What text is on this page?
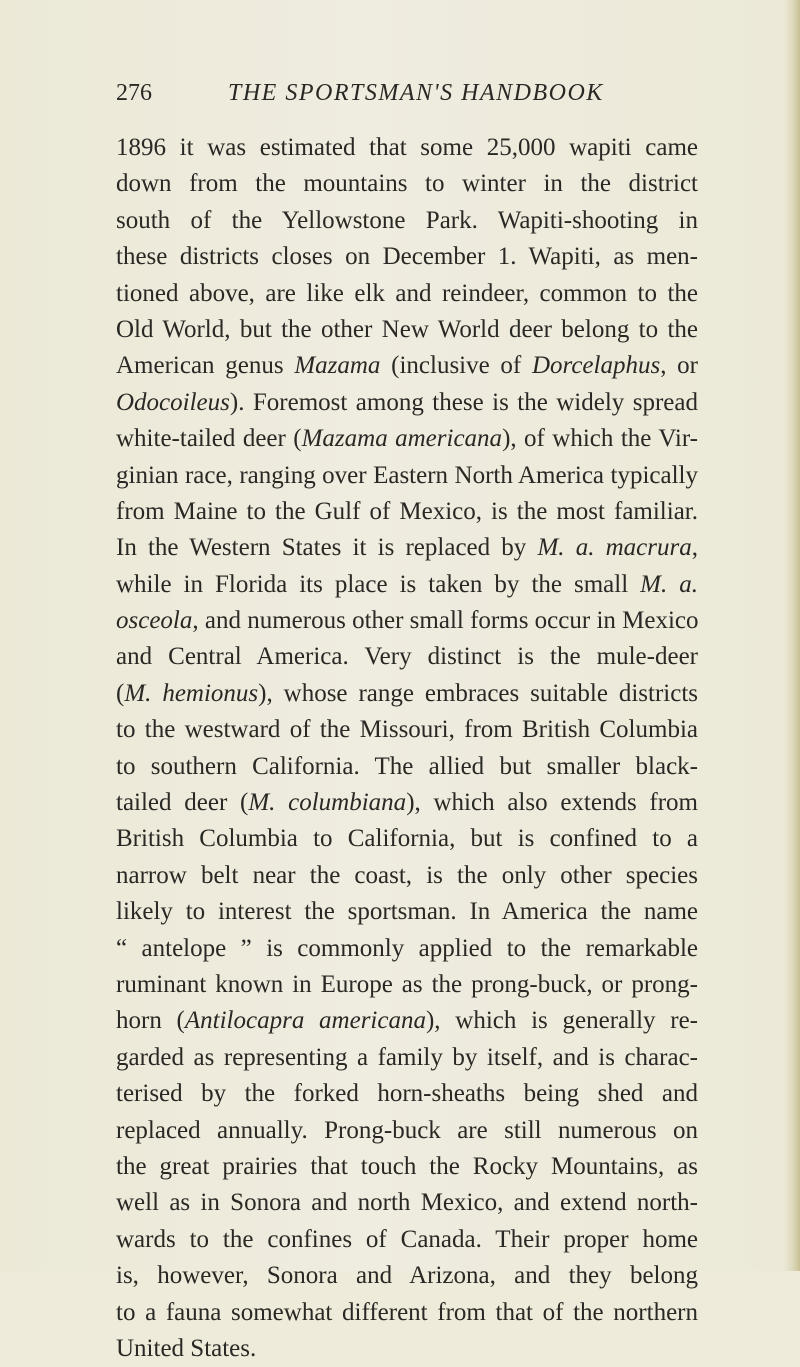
276	THE SPORTSMAN'S HANDBOOK
1896 it was estimated that some 25,000 wapiti came
down from the mountains to winter in the district
south of the Yellowstone Park. Wapiti-shooting in
these districts closes on December 1. Wapiti, as men-
tioned above, are like elk and reindeer, common to the
Old World, but the other New World deer belong to the
American genus Mazama (inclusive of Dorcelaphus, or
Odocoileus). Foremost among these is the widely spread
white-tailed deer (Mazama americana), of which the Vir-
ginian race, ranging over Eastern North America typically
from Maine to the Gulf of Mexico, is the most familiar.
In the Western States it is replaced by M. a. macrura,
while in Florida its place is taken by the small M. a.
osceola, and numerous other small forms occur in Mexico
and Central America. Very distinct is the mule-deer
(M. hemionus), whose range embraces suitable districts
to the westward of the Missouri, from British Columbia
to southern California. The allied but smaller black-
tailed deer (M. columbiana), which also extends from
British Columbia to California, but is confined to a
narrow belt near the coast, is the only other species
likely to interest the sportsman. In America the name
“ antelope ” is commonly applied to the remarkable
ruminant known in Europe as the prong-buck, or prong-
horn (Antilocapra americana), which is generally re-
garded as representing a family by itself, and is charac-
terised by the forked horn-sheaths being shed and
replaced annually. Prong-buck are still numerous on
the great prairies that touch the Rocky Mountains, as
well as in Sonora and north Mexico, and extend north-
wards to the confines of Canada. Their proper home
is, however, Sonora and Arizona, and they belong
to a fauna somewhat different from that of the northern
United States.
